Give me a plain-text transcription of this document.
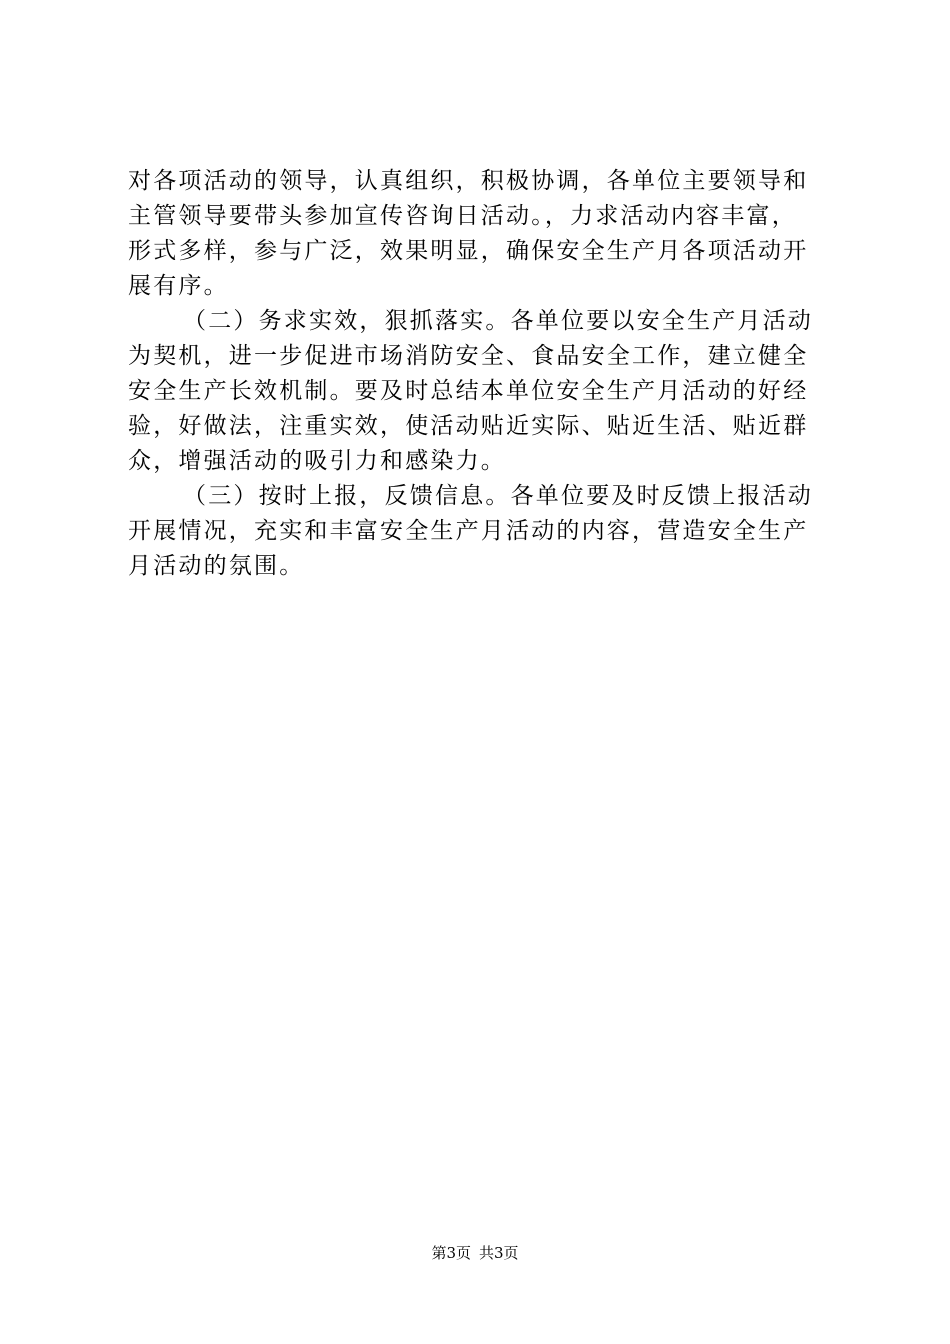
对各项活动的领导，认真组织，积极协调，各单位主要领导和
主管领导要带头参加宣传咨询日活动。，力求活动内容丰富，
形式多样，参与广泛，效果明显，确保安全生产月各项活动开
展有序。
（二）务求实效，狠抓落实。各单位要以安全生产月活动
为契机，进一步促进市场消防安全、食品安全工作，建立健全
安全生产长效机制。要及时总结本单位安全生产月活动的好经
验，好做法，注重实效，使活动贴近实际、贴近生活、贴近群
众，增强活动的吸引力和感染力。
（三）按时上报，反馈信息。各单位要及时反馈上报活动
开展情况，充实和丰富安全生产月活动的内容，营造安全生产
月活动的氛围。
第3页 共3页
